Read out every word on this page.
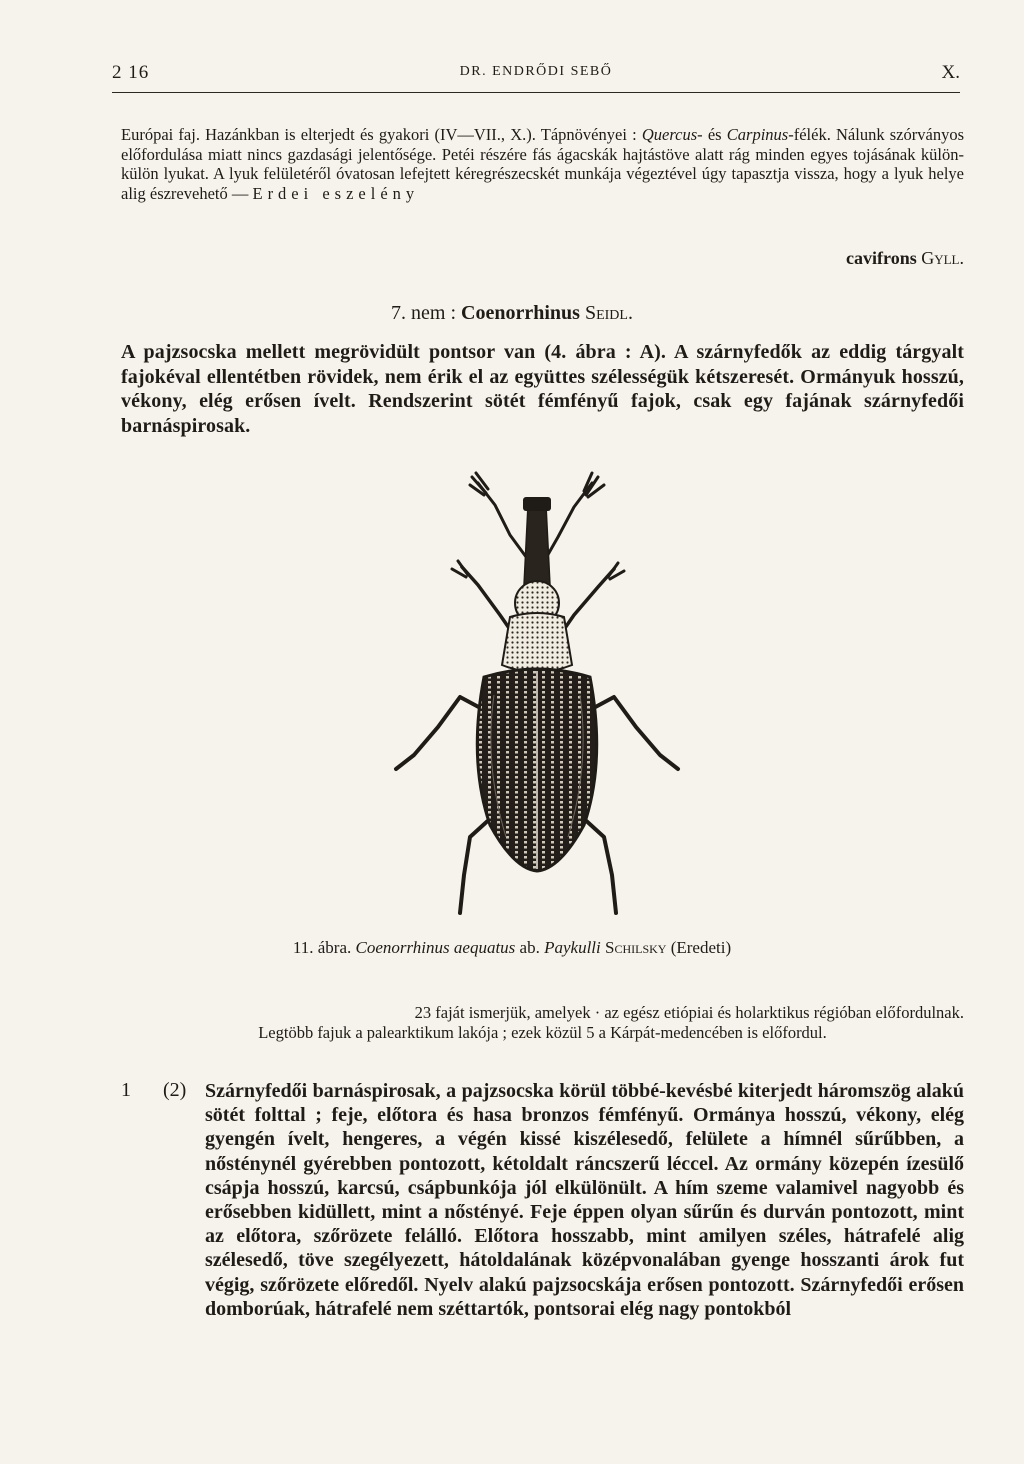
2 16	DR. ENDRŐDI SEBŐ	X.

Európai faj. Hazánkban is elterjedt és gyakori (IV—VII., X.). Tápnövényei : Quercus- és Carpinus-félék. Nálunk szórványos előfordulása miatt nincs gazdasági jelentősége. Petéi részére fás ágacskák hajtástöve alatt rág minden egyes tojásának külön-külön lyukat. A lyuk felületéről óvatosan lefejtett kéregrészecskét munkája végeztével úgy tapasztja vissza, hogy a lyuk helye alig észrevehető — Erdei eszelény

cavifrons Gyll.
7. nem : Coenorrhinus Seidl.

A pajzsocska mellett megrövidült pontsor van (4. ábra : A). A szárnyfedők az eddig tárgyalt fajokéval ellentétben rövidek, nem érik el az együttes szélességük kétszeresét. Ormányuk hosszú, vékony, elég erősen ívelt. Rendszerint sötét fémfényű fajok, csak egy fajának szárnyfedői barnáspirosak.

11. ábra. Coenorrhinus aequatus ab. Paykulli Schilsky (Eredeti)

23 faját ismerjük, amelyek · az egész etiópiai és holarktikus régióban előfordulnak.
Legtöbb fajuk a palearktikum lakója ; ezek közül 5 a Kárpát-medencében is előfordul.

1 (2) Szárnyfedői barnáspirosak, a pajzsocska körül többé-kevésbé kiterjedt háromszög alakú sötét folttal ; feje, előtora és hasa bronzos fémfényű. Ormánya hosszú, vékony, elég gyengén ívelt, hengeres, a végén kissé kiszélesedő, felülete a hímnél sűrűbben, a nősténynél gyérebben pontozott, kétoldalt ráncszerű léccel. Az ormány közepén ízesülő csápja hosszú, karcsú, csápbunkója jól elkülönült. A hím szeme valamivel nagyobb és erősebben kidüllett, mint a nőstényé. Feje éppen olyan sűrűn és durván pontozott, mint az előtora, szőrözete felálló. Előtora hosszabb, mint amilyen széles, hátrafelé alig szélesedő, töve szegélyezett, hátoldalának középvonalában gyenge hosszanti árok fut végig, szőrözete előredől. Nyelv alakú pajzsocskája erősen pontozott. Szárnyfedői erősen domborúak, hátrafelé nem széttartók, pontsorai elég nagy pontokból
